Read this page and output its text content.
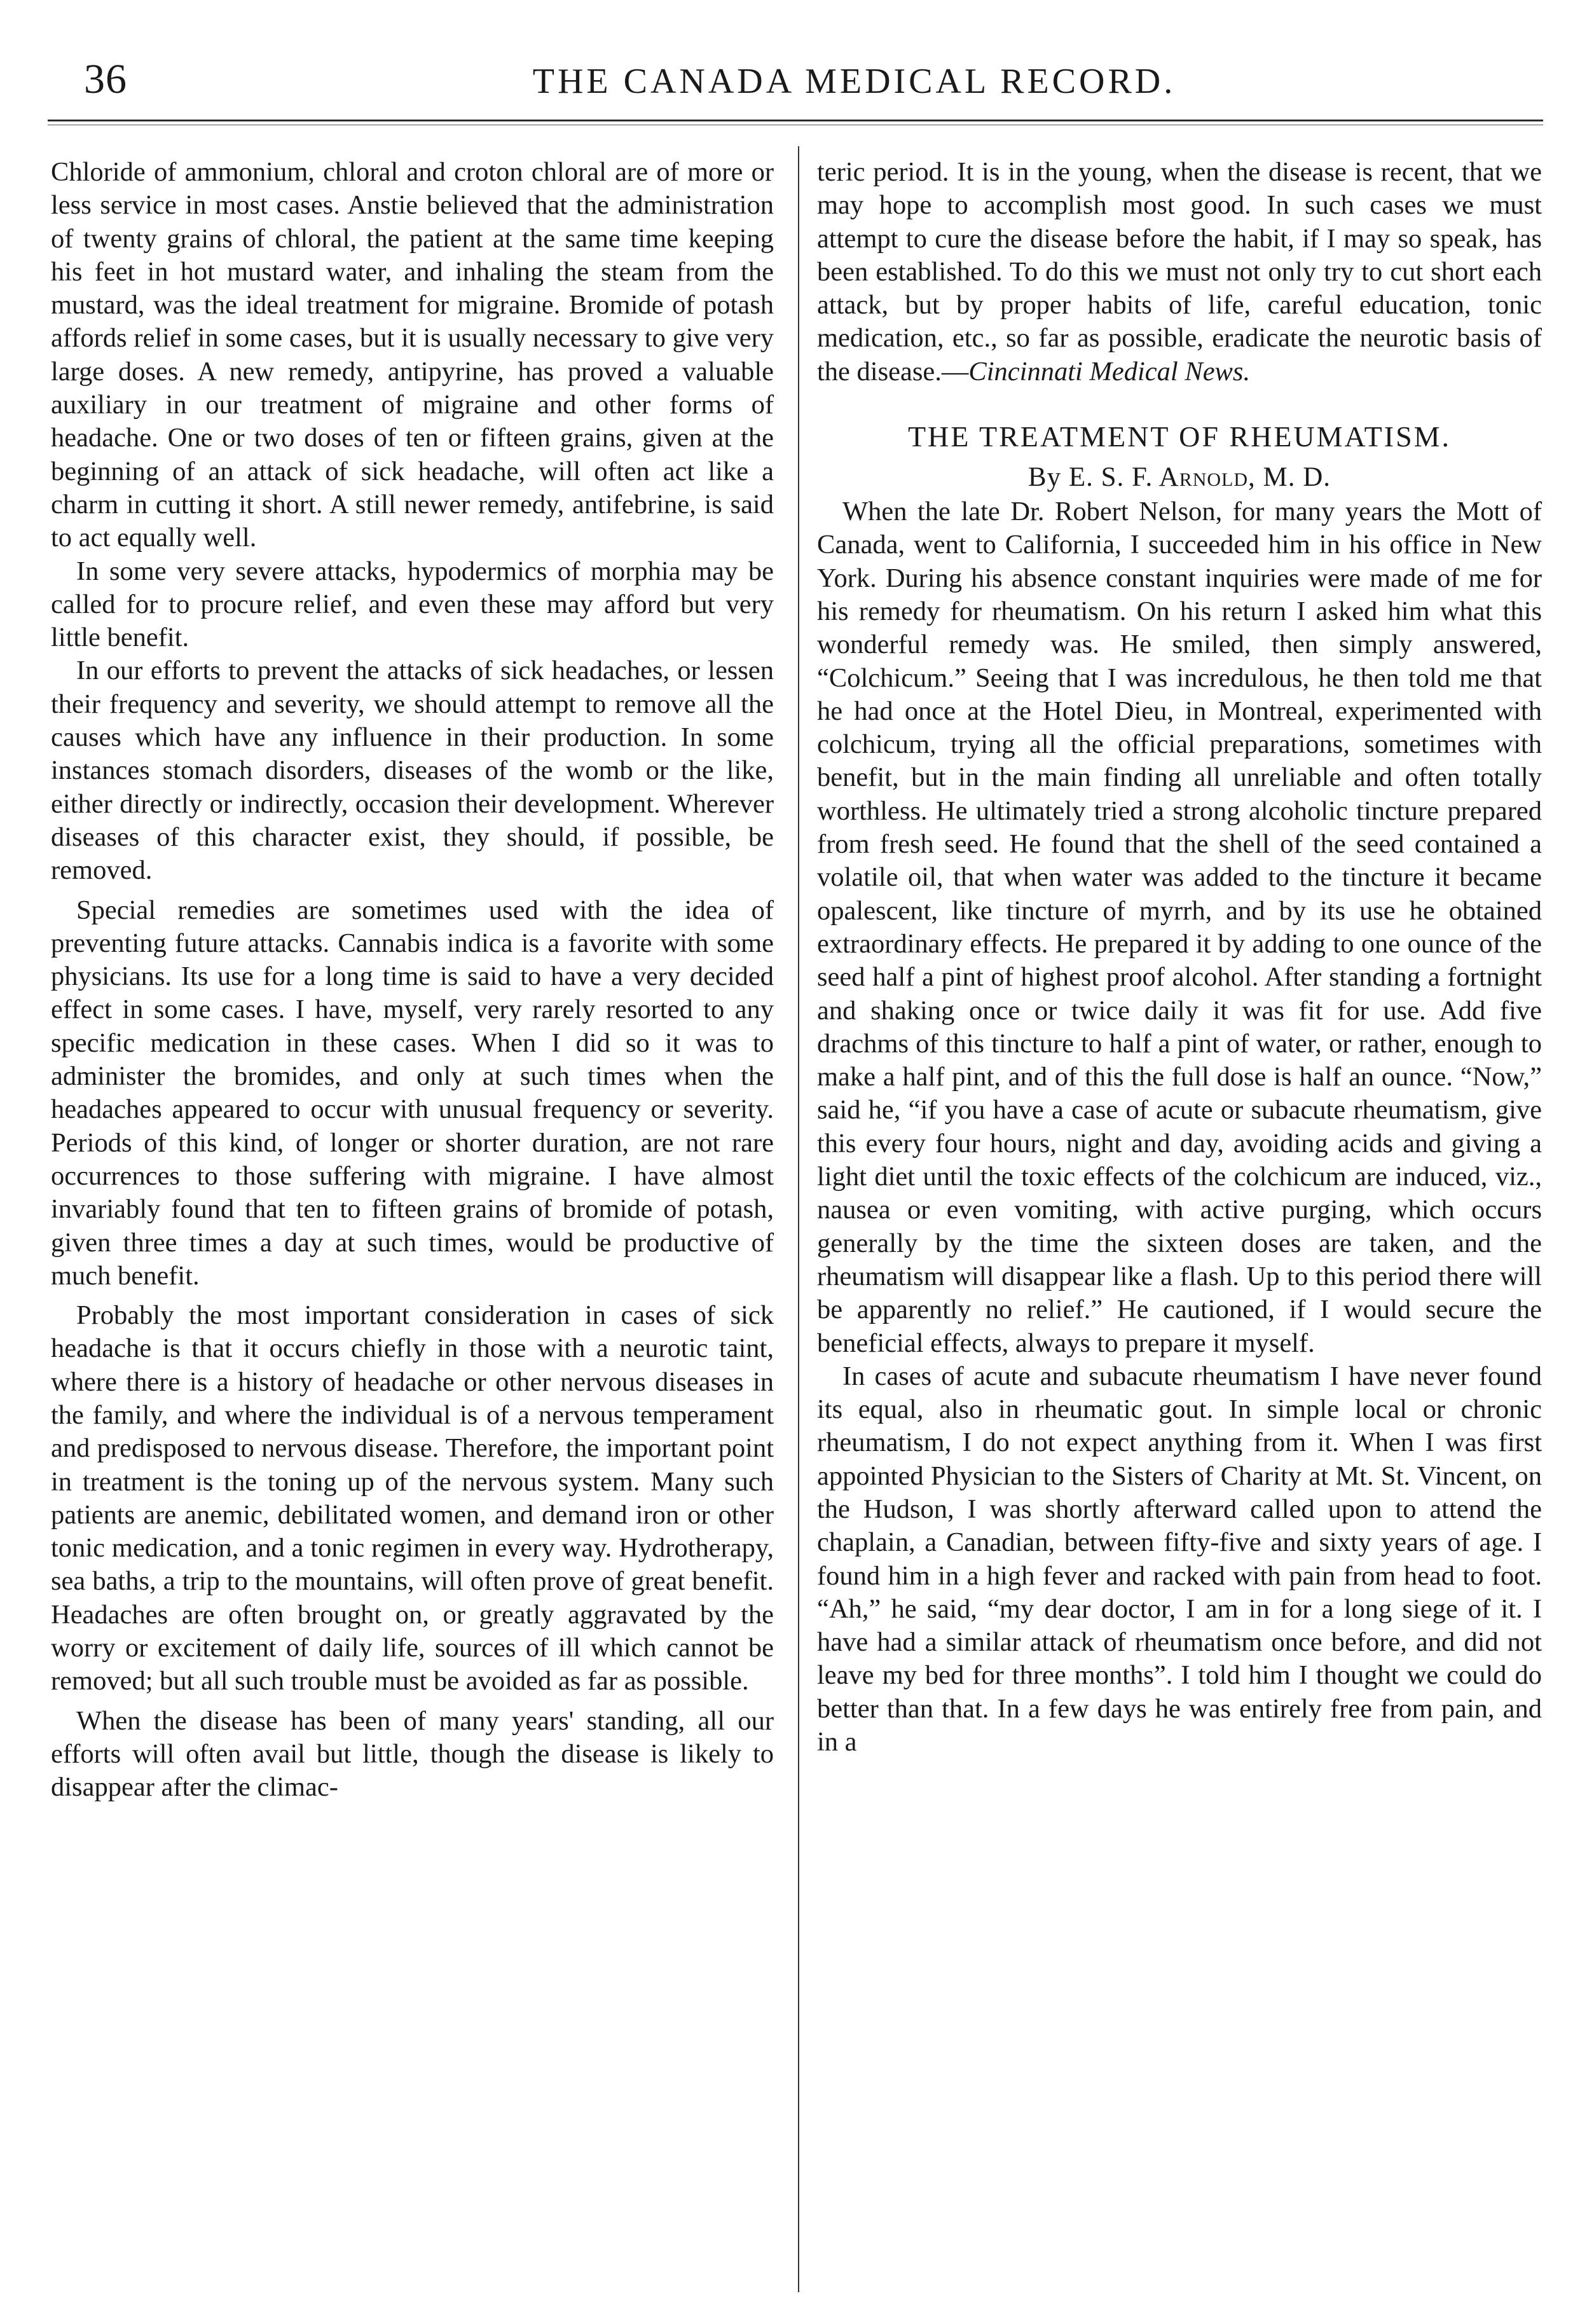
36	THE CANADA MEDICAL RECORD.

Chloride of ammonium, chloral and croton chloral are of more or less service in most cases. Anstie believed that the administration of twenty grains of chloral, the patient at the same time keeping his feet in hot mustard water, and inhaling the steam from the mustard, was the ideal treatment for migraine. Bromide of potash affords relief in some cases, but it is usually necessary to give very large doses. A new remedy, antipyrine, has proved a valuable auxiliary in our treatment of migraine and other forms of headache. One or two doses of ten or fifteen grains, given at the beginning of an attack of sick headache, will often act like a charm in cutting it short. A still newer remedy, antifebrine, is said to act equally well.

In some very severe attacks, hypodermics of morphia may be called for to procure relief, and even these may afford but very little benefit.

In our efforts to prevent the attacks of sick headaches, or lessen their frequency and severity, we should attempt to remove all the causes which have any influence in their production. In some instances stomach disorders, diseases of the womb or the like, either directly or indirectly, occasion their development. Wherever diseases of this character exist, they should, if possible, be removed.

Special remedies are sometimes used with the idea of preventing future attacks. Cannabis indica is a favorite with some physicians. Its use for a long time is said to have a very decided effect in some cases. I have, myself, very rarely resorted to any specific medication in these cases. When I did so it was to administer the bromides, and only at such times when the headaches appeared to occur with unusual frequency or severity. Periods of this kind, of longer or shorter duration, are not rare occurrences to those suffering with migraine. I have almost invariably found that ten to fifteen grains of bromide of potash, given three times a day at such times, would be productive of much benefit.

Probably the most important consideration in cases of sick headache is that it occurs chiefly in those with a neurotic taint, where there is a history of headache or other nervous diseases in the family, and where the individual is of a nervous temperament and predisposed to nervous disease. Therefore, the important point in treatment is the toning up of the nervous system. Many such patients are anemic, debilitated women, and demand iron or other tonic medication, and a tonic regimen in every way. Hydrotherapy, sea baths, a trip to the mountains, will often prove of great benefit. Headaches are often brought on, or greatly aggravated by the worry or excitement of daily life, sources of ill which cannot be removed; but all such trouble must be avoided as far as possible.

When the disease has been of many years' standing, all our efforts will often avail but little, though the disease is likely to disappear after the climac-

teric period. It is in the young, when the disease is recent, that we may hope to accomplish most good. In such cases we must attempt to cure the disease before the habit, if I may so speak, has been established. To do this we must not only try to cut short each attack, but by proper habits of life, careful education, tonic medication, etc., so far as possible, eradicate the neurotic basis of the disease.—Cincinnati Medical News.

THE TREATMENT OF RHEUMATISM.
By E. S. F. Arnold, M. D.

When the late Dr. Robert Nelson, for many years the Mott of Canada, went to California, I succeeded him in his office in New York. During his absence constant inquiries were made of me for his remedy for rheumatism. On his return I asked him what this wonderful remedy was. He smiled, then simply answered, “Colchicum.” Seeing that I was incredulous, he then told me that he had once at the Hotel Dieu, in Montreal, experimented with colchicum, trying all the official preparations, sometimes with benefit, but in the main finding all unreliable and often totally worthless. He ultimately tried a strong alcoholic tincture prepared from fresh seed. He found that the shell of the seed contained a volatile oil, that when water was added to the tincture it became opalescent, like tincture of myrrh, and by its use he obtained extraordinary effects. He prepared it by adding to one ounce of the seed half a pint of highest proof alcohol. After standing a fortnight and shaking once or twice daily it was fit for use. Add five drachms of this tincture to half a pint of water, or rather, enough to make a half pint, and of this the full dose is half an ounce. “Now,” said he, “if you have a case of acute or subacute rheumatism, give this every four hours, night and day, avoiding acids and giving a light diet until the toxic effects of the colchicum are induced, viz., nausea or even vomiting, with active purging, which occurs generally by the time the sixteen doses are taken, and the rheumatism will disappear like a flash. Up to this period there will be apparently no relief.” He cautioned, if I would secure the beneficial effects, always to prepare it myself.

In cases of acute and subacute rheumatism I have never found its equal, also in rheumatic gout. In simple local or chronic rheumatism, I do not expect anything from it. When I was first appointed Physician to the Sisters of Charity at Mt. St. Vincent, on the Hudson, I was shortly afterward called upon to attend the chaplain, a Canadian, between fifty-five and sixty years of age. I found him in a high fever and racked with pain from head to foot. “Ah,” he said, “my dear doctor, I am in for a long siege of it. I have had a similar attack of rheumatism once before, and did not leave my bed for three months”. I told him I thought we could do better than that. In a few days he was entirely free from pain, and in a
